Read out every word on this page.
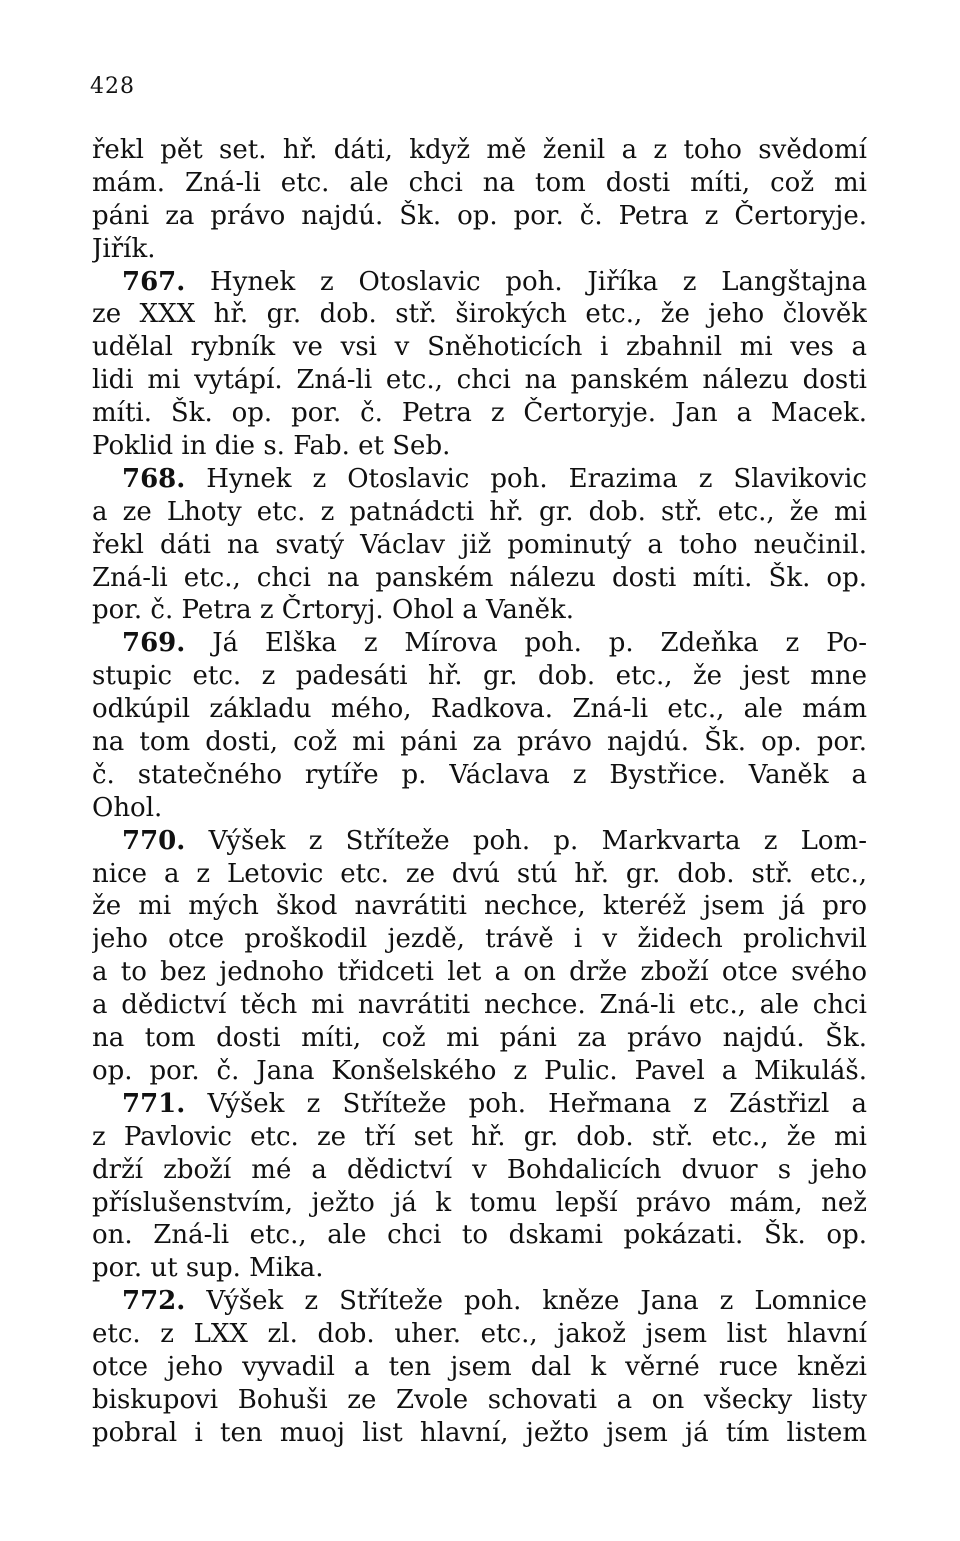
428
řekl pět set. hř. dáti, když mě ženil a z toho svědomí
mám. Zná-li etc. ale chci na tom dosti míti, což mi
páni za právo najdú. Šk. op. por. č. Petra z Čertoryje.
Jiřík.
767. Hynek z Otoslavic poh. Jiříka z Langštajna
ze XXX hř. gr. dob. stř. širokých etc., že jeho člověk
udělal rybník ve vsi v Sněhoticích i zbahnil mi ves a
lidi mi vytápí. Zná-li etc., chci na panském nálezu dosti
míti. Šk. op. por. č. Petra z Čertoryje. Jan a Macek.
Poklid in die s. Fab. et Seb.
768. Hynek z Otoslavic poh. Erazima z Slavikovic
a ze Lhoty etc. z patnádcti hř. gr. dob. stř. etc., že mi
řekl dáti na svatý Václav již pominutý a toho neučinil.
Zná-li etc., chci na panském nálezu dosti míti. Šk. op.
por. č. Petra z Črtoryj. Ohol a Vaněk.
769. Já Elška z Mírova poh. p. Zdeňka z Po-
stupic etc. z padesáti hř. gr. dob. etc., že jest mne
odkúpil základu mého, Radkova. Zná-li etc., ale mám
na tom dosti, což mi páni za právo najdú. Šk. op. por.
č. statečného rytíře p. Václava z Bystřice. Vaněk a
Ohol.
770. Výšek z Stříteže poh. p. Markvarta z Lom-
nice a z Letovic etc. ze dvú stú hř. gr. dob. stř. etc.,
že mi mých škod navrátiti nechce, kteréž jsem já pro
jeho otce proškodil jezdě, trávě i v židech prolichvil
a to bez jednoho třidceti let a on drže zboží otce svého
a dědictví těch mi navrátiti nechce. Zná-li etc., ale chci
na tom dosti míti, což mi páni za právo najdú. Šk.
op. por. č. Jana Konšelského z Pulic. Pavel a Mikuláš.
771. Výšek z Stříteže poh. Heřmana z Zástřizl a
z Pavlovic etc. ze tří set hř. gr. dob. stř. etc., že mi
drží zboží mé a dědictví v Bohdalicích dvuor s jeho
příslušenstvím, ježto já k tomu lepší právo mám, než
on. Zná-li etc., ale chci to dskami pokázati. Šk. op.
por. ut sup. Mika.
772. Výšek z Stříteže poh. kněze Jana z Lomnice
etc. z LXX zl. dob. uher. etc., jakož jsem list hlavní
otce jeho vyvadil a ten jsem dal k věrné ruce knězi
biskupovi Bohuši ze Zvole schovati a on všecky listy
pobral i ten muoj list hlavní, ježto jsem já tím listem
